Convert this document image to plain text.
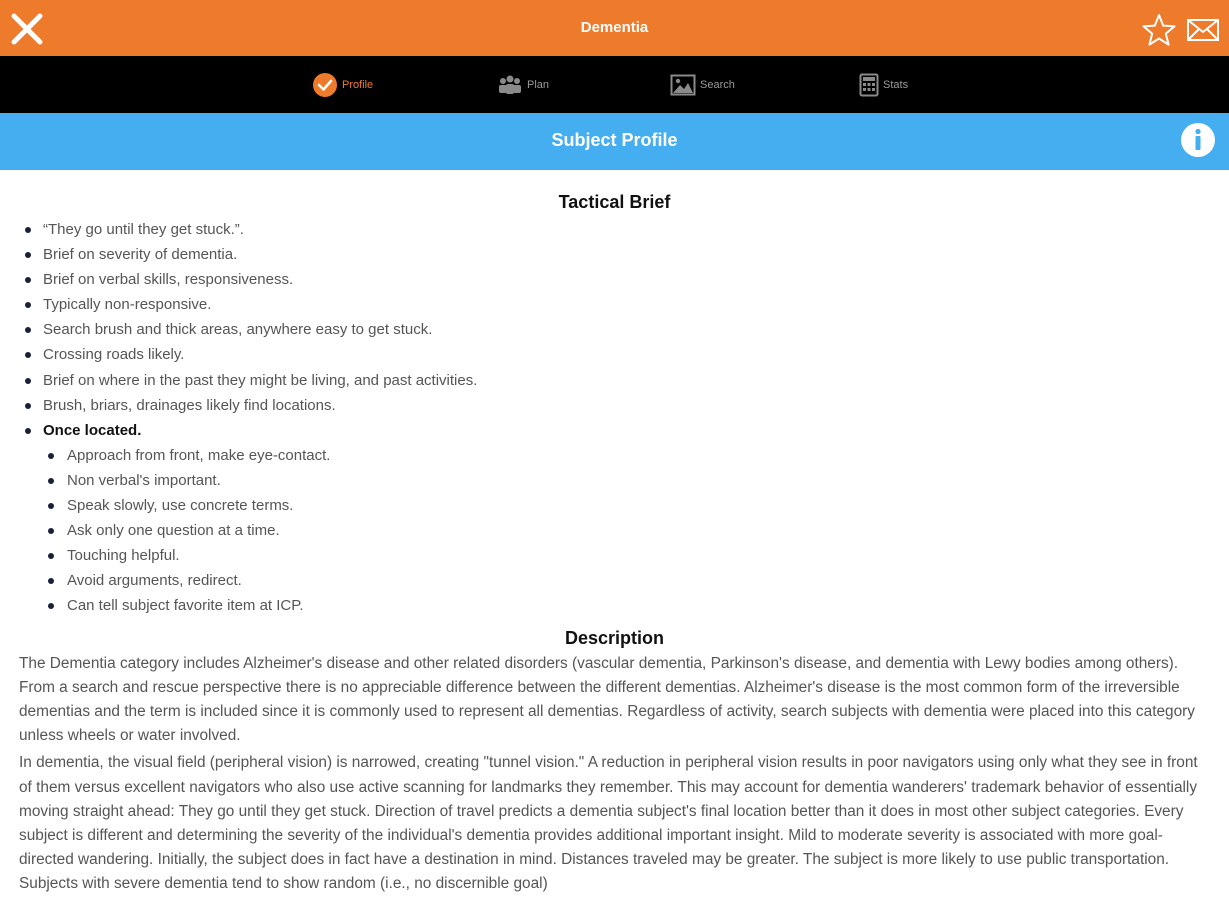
Dementia
Profile	Plan	Search	Stats
Subject Profile
Tactical Brief
“They go until they get stuck.”.
Brief on severity of dementia.
Brief on verbal skills, responsiveness.
Typically non-responsive.
Search brush and thick areas, anywhere easy to get stuck.
Crossing roads likely.
Brief on where in the past they might be living, and past activities.
Brush, briars, drainages likely find locations.
Once located.
Approach from front, make eye-contact.
Non verbal's important.
Speak slowly, use concrete terms.
Ask only one question at a time.
Touching helpful.
Avoid arguments, redirect.
Can tell subject favorite item at ICP.
Description

The Dementia category includes Alzheimer's disease and other related disorders (vascular dementia, Parkinson's disease, and dementia with Lewy bodies among others). From a search and rescue perspective there is no appreciable difference between the different dementias. Alzheimer's disease is the most common form of the irreversible dementias and the term is included since it is commonly used to represent all dementias. Regardless of activity, search subjects with dementia were placed into this category unless wheels or water involved.

In dementia, the visual field (peripheral vision) is narrowed, creating "tunnel vision." A reduction in peripheral vision results in poor navigators using only what they see in front of them versus excellent navigators who also use active scanning for landmarks they remember. This may account for dementia wanderers' trademark behavior of essentially moving straight ahead: They go until they get stuck. Direction of travel predicts a dementia subject's final location better than it does in most other subject categories. Every subject is different and determining the severity of the individual's dementia provides additional important insight. Mild to moderate severity is associated with more goal-directed wandering. Initially, the subject does in fact have a destination in mind. Distances traveled may be greater. The subject is more likely to use public transportation. Subjects with severe dementia tend to show random (i.e., no discernible goal)
